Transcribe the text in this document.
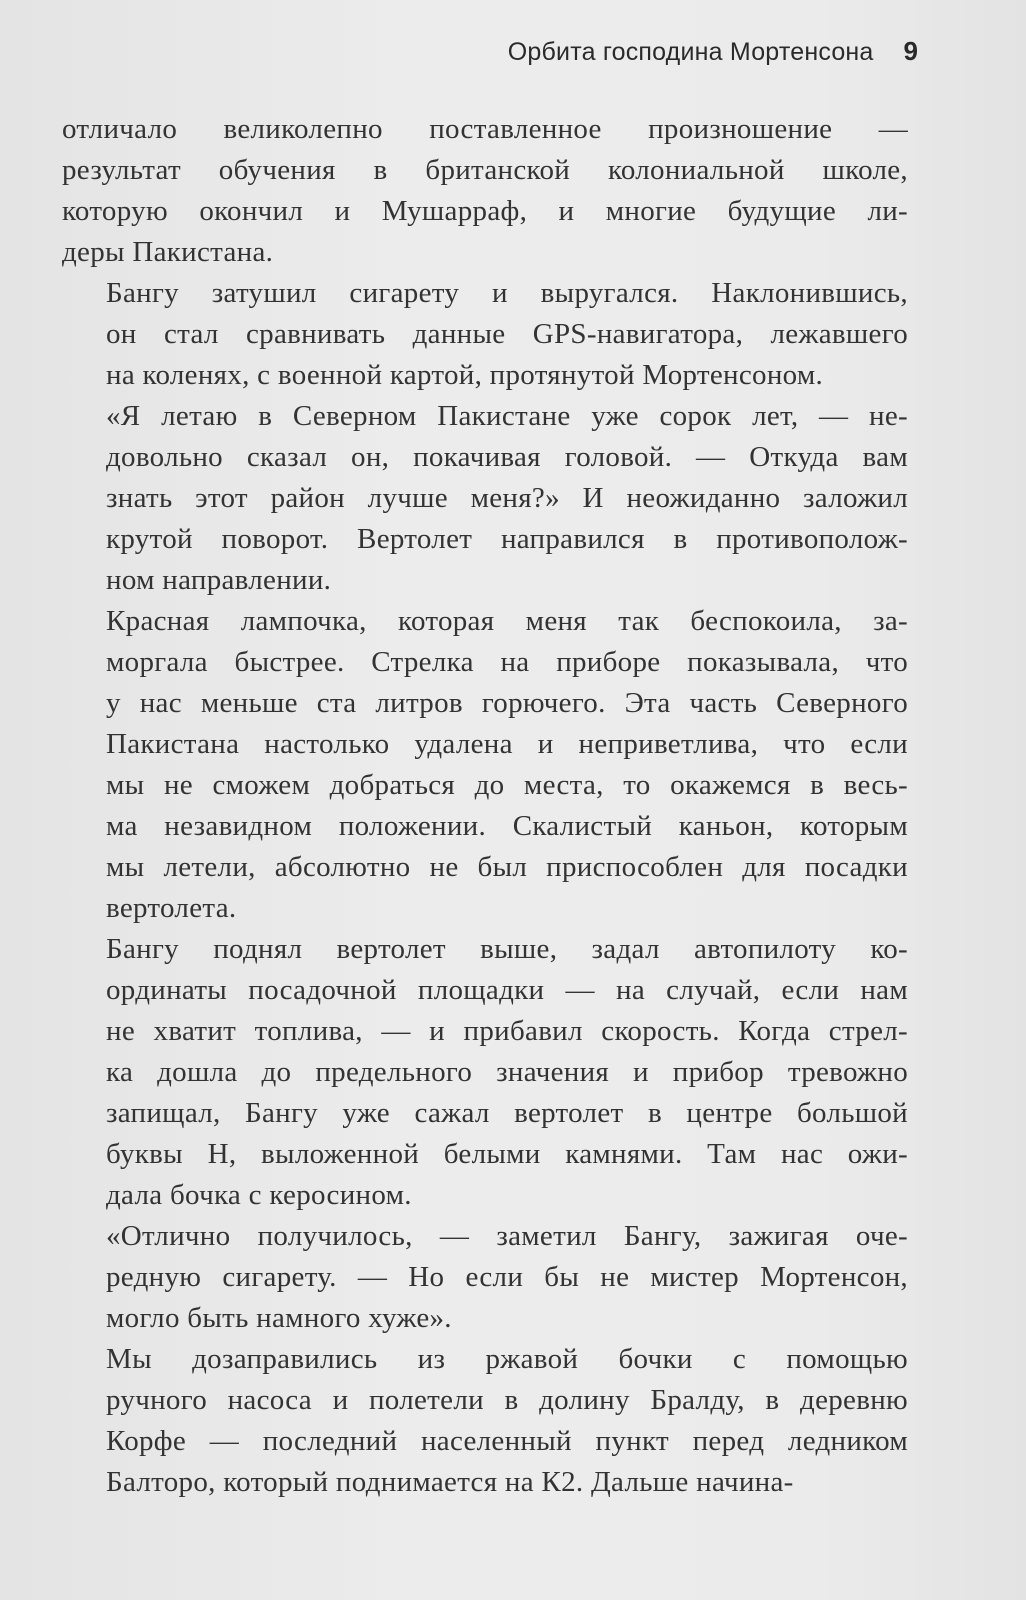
Орбита господина Мортенсона 9

отличало великолепно поставленное произношение —
результат обучения в британской колониальной школе,
которую окончил и Мушарраф, и многие будущие ли-
деры Пакистана.

Бангу затушил сигарету и выругался. Наклонившись,
он стал сравнивать данные GPS-навигатора, лежавшего
на коленях, с военной картой, протянутой Мортенсоном.

«Я летаю в Северном Пакистане уже сорок лет, — не-
довольно сказал он, покачивая головой. — Откуда вам
знать этот район лучше меня?» И неожиданно заложил
крутой поворот. Вертолет направился в противополож-
ном направлении.

Красная лампочка, которая меня так беспокоила, за-
моргала быстрее. Стрелка на приборе показывала, что
у нас меньше ста литров горючего. Эта часть Северного
Пакистана настолько удалена и неприветлива, что если
мы не сможем добраться до места, то окажемся в весь-
ма незавидном положении. Скалистый каньон, которым
мы летели, абсолютно не был приспособлен для посадки
вертолета.

Бангу поднял вертолет выше, задал автопилоту ко-
ординаты посадочной площадки — на случай, если нам
не хватит топлива, — и прибавил скорость. Когда стрел-
ка дошла до предельного значения и прибор тревожно
запищал, Бангу уже сажал вертолет в центре большой
буквы Н, выложенной белыми камнями. Там нас ожи-
дала бочка с керосином.

«Отлично получилось, — заметил Бангу, зажигая оче-
редную сигарету. — Но если бы не мистер Мортенсон,
могло быть намного хуже».

Мы дозаправились из ржавой бочки с помощью
ручного насоса и полетели в долину Бралду, в деревню
Корфе — последний населенный пункт перед ледником
Балторо, который поднимается на К2. Дальше начина-
